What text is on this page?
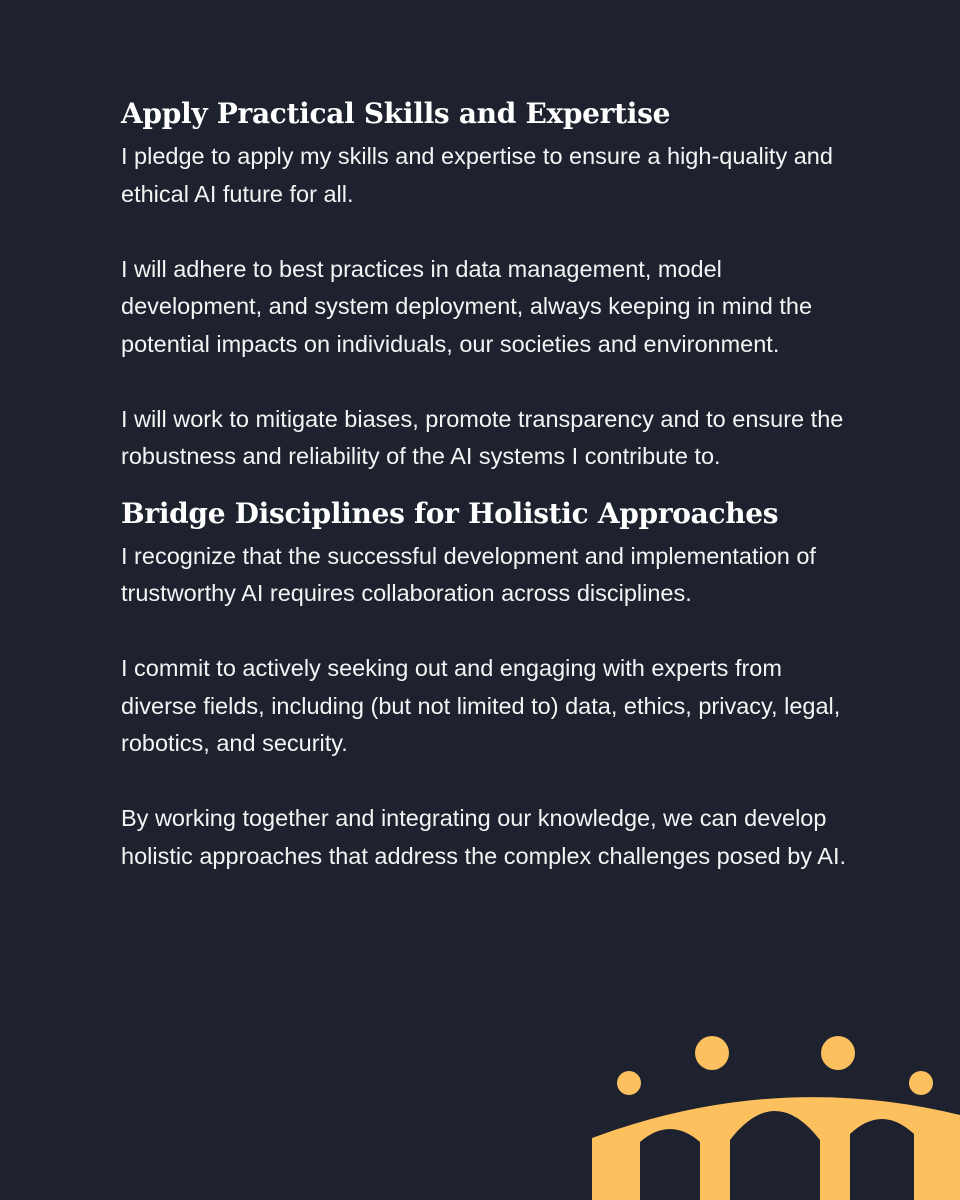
Apply Practical Skills and Expertise

I pledge to apply my skills and expertise to ensure a high-quality and ethical AI future for all.

I will adhere to best practices in data management, model development, and system deployment, always keeping in mind the potential impacts on individuals, our societies and environment.

I will work to mitigate biases, promote transparency and to ensure the robustness and reliability of the AI systems I contribute to.

Bridge Disciplines for Holistic Approaches

I recognize that the successful development and implementation of trustworthy AI requires collaboration across disciplines.

I commit to actively seeking out and engaging with experts from diverse fields, including (but not limited to) data, ethics, privacy, legal, robotics, and security.

By working together and integrating our knowledge, we can develop holistic approaches that address the complex challenges posed by AI.
